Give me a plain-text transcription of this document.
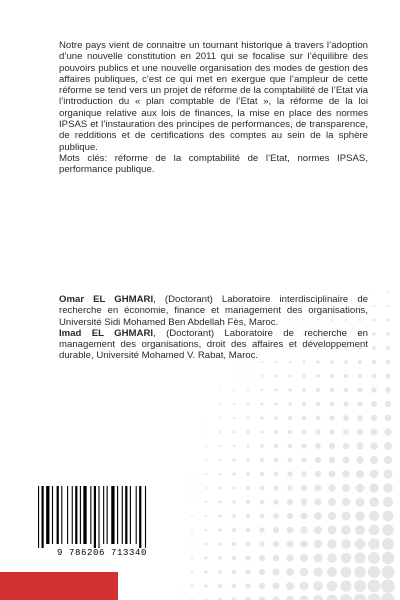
Notre pays vient de connaitre un tournant historique à travers l’adoption d’une nouvelle constitution en 2011 qui se focalise sur l’équilibre des pouvoirs publics et une nouvelle organisation des modes de gestion des affaires publiques, c’est ce qui met en exergue que l’ampleur de cette réforme se tend vers un projet de réforme de la comptabilité de l’Etat via l’introduction du « plan comptable de l’Etat », la réforme de la loi organique relative aux lois de finances, la mise en place des normes IPSAS et l’instauration des principes de performances, de transparence, de redditions et de certifications des comptes au sein de la sphère publique.

Mots clés: réforme de la comptabilité de l’Etat, normes IPSAS, performance publique.

Omar EL GHMARI, (Doctorant) Laboratoire interdisciplinaire de recherche en économie, finance et management des organisations, Université Sidi Mohamed Ben Abdellah Fès, Maroc.

Imad EL GHMARI, (Doctorant) Laboratoire de recherche en management des organisations, droit des affaires et développement durable, Université Mohamed V. Rabat, Maroc.

9 786206 713340
